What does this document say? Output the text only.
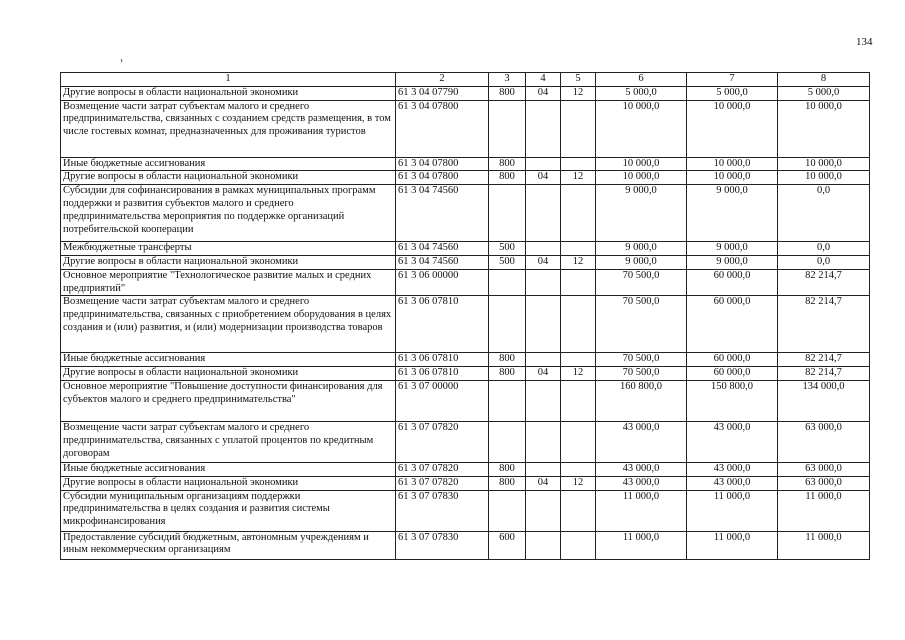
134
›
1	2	3	4	5	6	7	8
Другие вопросы в области национальной экономики	61 3 04 07790	800	04	12	5 000,0	5 000,0	5 000,0
Возмещение части затрат субъектам малого и среднего предпринимательства, связанных с созданием средств размещения, в том числе гостевых комнат, предназначенных для проживания туристов	61 3 04 07800				10 000,0	10 000,0	10 000,0
Иные бюджетные ассигнования	61 3 04 07800	800			10 000,0	10 000,0	10 000,0
Другие вопросы в области национальной экономики	61 3 04 07800	800	04	12	10 000,0	10 000,0	10 000,0
Субсидии для софинансирования в рамках муниципальных программ поддержки и развития субъектов малого и среднего предпринимательства мероприятия по поддержке организаций потребительской кооперации	61 3 04 74560				9 000,0	9 000,0	0,0
Межбюджетные трансферты	61 3 04 74560	500			9 000,0	9 000,0	0,0
Другие вопросы в области национальной экономики	61 3 04 74560	500	04	12	9 000,0	9 000,0	0,0
Основное мероприятие "Технологическое развитие малых и средних предприятий"	61 3 06 00000				70 500,0	60 000,0	82 214,7
Возмещение части затрат субъектам малого и среднего предпринимательства, связанных с приобретением оборудования в целях создания и (или) развития, и (или) модернизации производства товаров	61 3 06 07810				70 500,0	60 000,0	82 214,7
Иные бюджетные ассигнования	61 3 06 07810	800			70 500,0	60 000,0	82 214,7
Другие вопросы в области национальной экономики	61 3 06 07810	800	04	12	70 500,0	60 000,0	82 214,7
Основное мероприятие "Повышение доступности финансирования для субъектов малого и среднего предпринимательства"	61 3 07 00000				160 800,0	150 800,0	134 000,0
Возмещение части затрат субъектам малого и среднего предпринимательства, связанных с уплатой процентов по кредитным договорам	61 3 07 07820				43 000,0	43 000,0	63 000,0
Иные бюджетные ассигнования	61 3 07 07820	800			43 000,0	43 000,0	63 000,0
Другие вопросы в области национальной экономики	61 3 07 07820	800	04	12	43 000,0	43 000,0	63 000,0
Субсидии муниципальным организациям поддержки предпринимательства в целях создания и развития системы микрофинансирования	61 3 07 07830				11 000,0	11 000,0	11 000,0
Предоставление субсидий бюджетным, автономным учреждениям и иным некоммерческим организациям	61 3 07 07830	600			11 000,0	11 000,0	11 000,0
